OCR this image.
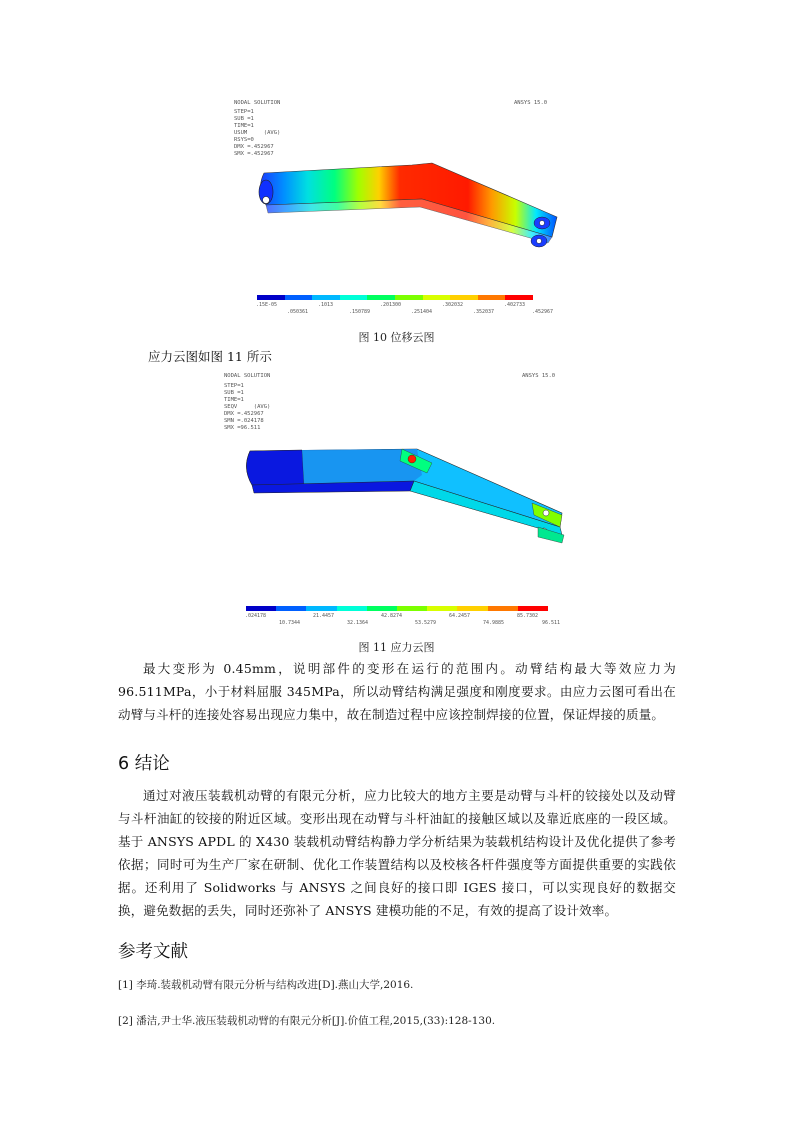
NODAL SOLUTION	ANSYS 15.0
STEP=1
SUB =1
TIME=1
USUM     (AVG)
RSYS=0
DMX =.452967
SMX =.452967
.15E-05	.1013	.201300	.302032	.402733
.050361	.150789	.251404	.352037	.452967
图 10 位移云图
应力云图如图 11 所示
NODAL SOLUTION	ANSYS 15.0
STEP=1
SUB =1
TIME=1
SEQV     (AVG)
DMX =.452967
SMN =.024178
SMX =96.511
.024178	21.4457	42.8274	64.2457	85.7302
10.7344	32.1364	53.5279	74.9885	96.511
图 11 应力云图

最大变形为 0.45mm，说明部件的变形在运行的范围内。动臂结构最大等效应力为 96.511MPa，小于材料屈服 345MPa，所以动臂结构满足强度和刚度要求。由应力云图可看出在动臂与斗杆的连接处容易出现应力集中，故在制造过程中应该控制焊接的位置，保证焊接的质量。

6 结论

通过对液压装载机动臂的有限元分析，应力比较大的地方主要是动臂与斗杆的铰接处以及动臂与斗杆油缸的铰接的附近区域。变形出现在动臂与斗杆油缸的接触区域以及靠近底座的一段区域。基于 ANSYS APDL 的 X430 装载机动臂结构静力学分析结果为装载机结构设计及优化提供了参考依据；同时可为生产厂家在研制、优化工作装置结构以及校核各杆件强度等方面提供重要的实践依据。还利用了 Solidworks 与 ANSYS 之间良好的接口即 IGES 接口，可以实现良好的数据交换，避免数据的丢失，同时还弥补了 ANSYS 建模功能的不足，有效的提高了设计效率。

参考文献
[1] 李琦.装载机动臂有限元分析与结构改进[D].燕山大学,2016.
[2] 潘洁,尹士华.液压装载机动臂的有限元分析[J].价值工程,2015,(33):128-130.
